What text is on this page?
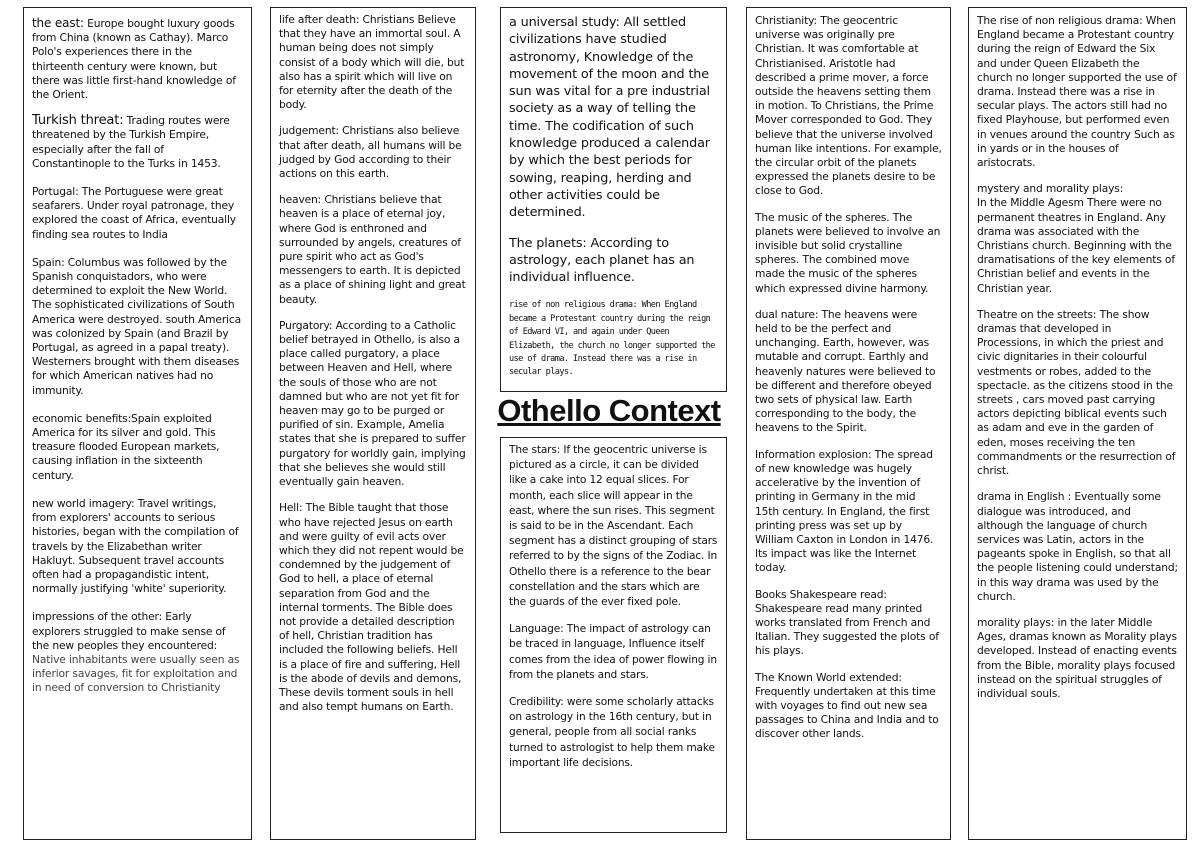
the east: Europe bought luxury goods from China (known as Cathay). Marco Polo's experiences there in the thirteenth century were known, but there was little first-hand knowledge of the Orient.

Turkish threat: Trading routes were threatened by the Turkish Empire, especially after the fall of Constantinople to the Turks in 1453.

Portugal: The Portuguese were great seafarers. Under royal patronage, they explored the coast of Africa, eventually finding sea routes to India

Spain: Columbus was followed by the Spanish conquistadors, who were determined to exploit the New World. The sophisticated civilizations of South America were destroyed. south America was colonized by Spain (and Brazil by Portugal, as agreed in a papal treaty). Westerners brought with them diseases for which American natives had no immunity.

economic benefits:Spain exploited America for its silver and gold. This treasure flooded European markets, causing inflation in the sixteenth century.

new world imagery: Travel writings, from explorers' accounts to serious histories, began with the compilation of travels by the Elizabethan writer Hakluyt. Subsequent travel accounts often had a propagandistic intent, normally justifying 'white' superiority.

impressions of the other: Early explorers struggled to make sense of the new peoples they encountered: Native inhabitants were usually seen as inferior savages, fit for exploitation and in need of conversion to Christianity

life after death: Christians Believe that they have an immortal soul. A human being does not simply consist of a body which will die, but also has a spirit which will live on for eternity after the death of the body.

judgement: Christians also believe that after death, all humans will be judged by God according to their actions on this earth.

heaven: Christians believe that heaven is a place of eternal joy, where God is enthroned and surrounded by angels, creatures of pure spirit who act as God's messengers to earth. It is depicted as a place of shining light and great beauty.

Purgatory: According to a Catholic belief betrayed in Othello, is also a place called purgatory, a place between Heaven and Hell, where the souls of those who are not damned but who are not yet fit for heaven may go to be purged or purified of sin. Example, Amelia states that she is prepared to suffer purgatory for worldly gain, implying that she believes she would still eventually gain heaven.

Hell: The Bible taught that those who have rejected Jesus on earth and were guilty of evil acts over which they did not repent would be condemned by the judgement of God to hell, a place of eternal separation from God and the internal torments. The Bible does not provide a detailed description of hell, Christian tradition has included the following beliefs. Hell is a place of fire and suffering, Hell is the abode of devils and demons, These devils torment souls in hell and also tempt humans on Earth.

a universal study: All settled civilizations have studied astronomy, Knowledge of the movement of the moon and the sun was vital for a pre industrial society as a way of telling the time. The codification of such knowledge produced a calendar by which the best periods for sowing, reaping, herding and other activities could be determined.

The planets: According to astrology, each planet has an individual influence.

rise of non religious drama: When England became a Protestant country during the reign of Edward VI, and again under Queen Elizabeth, the church no longer supported the use of drama. Instead there was a rise in secular plays.

Othello Context

The stars: If the geocentric universe is pictured as a circle, it can be divided like a cake into 12 equal slices. For month, each slice will appear in the east, where the sun rises. This segment is said to be in the Ascendant. Each segment has a distinct grouping of stars referred to by the signs of the Zodiac. In Othello there is a reference to the bear constellation and the stars which are the guards of the ever fixed pole.

Language: The impact of astrology can be traced in language, Influence itself comes from the idea of power flowing in from the planets and stars.

Credibility: were some scholarly attacks on astrology in the 16th century, but in general, people from all social ranks turned to astrologist to help them make important life decisions.

Christianity: The geocentric universe was originally pre Christian. It was comfortable at Christianised. Aristotle had described a prime mover, a force outside the heavens setting them in motion. To Christians, the Prime Mover corresponded to God. They believe that the universe involved human like intentions. For example, the circular orbit of the planets expressed the planets desire to be close to God.

The music of the spheres. The planets were believed to involve an invisible but solid crystalline spheres. The combined move made the music of the spheres which expressed divine harmony.

dual nature: The heavens were held to be the perfect and unchanging. Earth, however, was mutable and corrupt. Earthly and heavenly natures were believed to be different and therefore obeyed two sets of physical law. Earth corresponding to the body, the heavens to the Spirit.

Information explosion: The spread of new knowledge was hugely accelerative by the invention of printing in Germany in the mid 15th century. In England, the first printing press was set up by William Caxton in London in 1476. Its impact was like the Internet today.

Books Shakespeare read: Shakespeare read many printed works translated from French and Italian. They suggested the plots of his plays.

The Known World extended: Frequently undertaken at this time with voyages to find out new sea passages to China and India and to discover other lands.

The rise of non religious drama: When England became a Protestant country during the reign of Edward the Six and under Queen Elizabeth the church no longer supported the use of drama. Instead there was a rise in secular plays. The actors still had no fixed Playhouse, but performed even in venues around the country Such as in yards or in the houses of aristocrats.

mystery and morality plays:
In the Middle Agesm There were no permanent theatres in England. Any drama was associated with the Christians church. Beginning with the dramatisations of the key elements of Christian belief and events in the Christian year.

Theatre on the streets: The show dramas that developed in Processions, in which the priest and civic dignitaries in their colourful vestments or robes, added to the spectacle. as the citizens stood in the streets , cars moved past carrying actors depicting biblical events such as adam and eve in the garden of eden, moses receiving the ten commandments or the resurrection of christ.

drama in English : Eventually some dialogue was introduced, and although the language of church services was Latin, actors in the pageants spoke in English, so that all the people listening could understand; in this way drama was used by the church.

morality plays: in the later Middle Ages, dramas known as Morality plays developed. Instead of enacting events from the Bible, morality plays focused instead on the spiritual struggles of individual souls.
